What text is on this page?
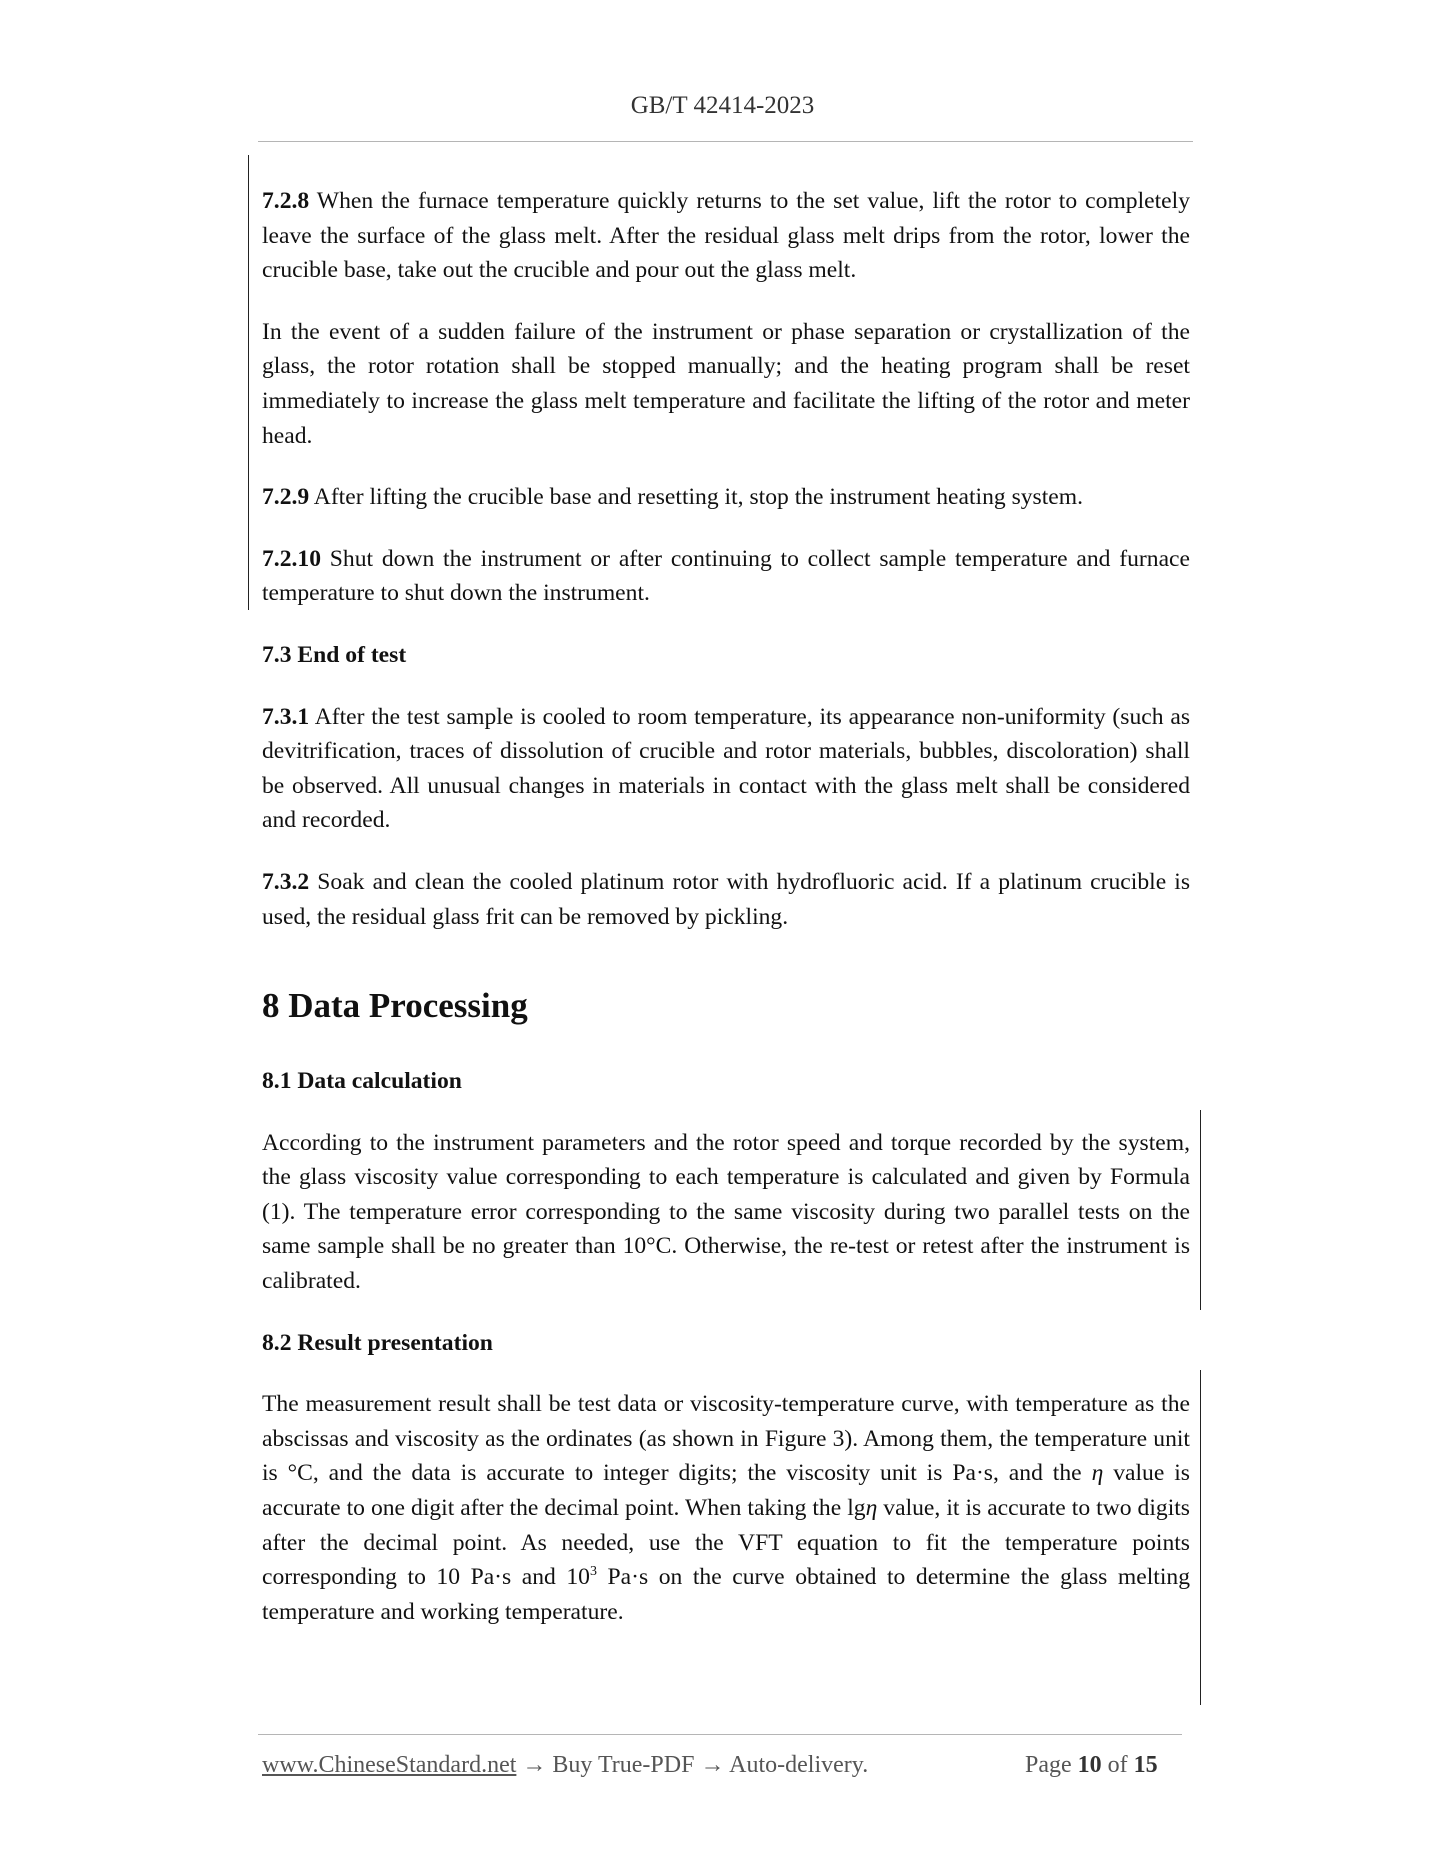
GB/T 42414-2023

7.2.8 When the furnace temperature quickly returns to the set value, lift the rotor to completely leave the surface of the glass melt. After the residual glass melt drips from the rotor, lower the crucible base, take out the crucible and pour out the glass melt.

In the event of a sudden failure of the instrument or phase separation or crystallization of the glass, the rotor rotation shall be stopped manually; and the heating program shall be reset immediately to increase the glass melt temperature and facilitate the lifting of the rotor and meter head.

7.2.9 After lifting the crucible base and resetting it, stop the instrument heating system.

7.2.10 Shut down the instrument or after continuing to collect sample temperature and furnace temperature to shut down the instrument.

7.3 End of test

7.3.1 After the test sample is cooled to room temperature, its appearance non-uniformity (such as devitrification, traces of dissolution of crucible and rotor materials, bubbles, discoloration) shall be observed. All unusual changes in materials in contact with the glass melt shall be considered and recorded.

7.3.2 Soak and clean the cooled platinum rotor with hydrofluoric acid. If a platinum crucible is used, the residual glass frit can be removed by pickling.

8 Data Processing

8.1 Data calculation

According to the instrument parameters and the rotor speed and torque recorded by the system, the glass viscosity value corresponding to each temperature is calculated and given by Formula (1). The temperature error corresponding to the same viscosity during two parallel tests on the same sample shall be no greater than 10°C. Otherwise, the re-test or retest after the instrument is calibrated.

8.2 Result presentation

The measurement result shall be test data or viscosity-temperature curve, with temperature as the abscissas and viscosity as the ordinates (as shown in Figure 3). Among them, the temperature unit is °C, and the data is accurate to integer digits; the viscosity unit is Pa·s, and the η value is accurate to one digit after the decimal point. When taking the lgη value, it is accurate to two digits after the decimal point. As needed, use the VFT equation to fit the temperature points corresponding to 10 Pa·s and $10^3$ Pa·s on the curve obtained to determine the glass melting temperature and working temperature.

www.ChineseStandard.net → Buy True-PDF → Auto-delivery.	Page 10 of 15
